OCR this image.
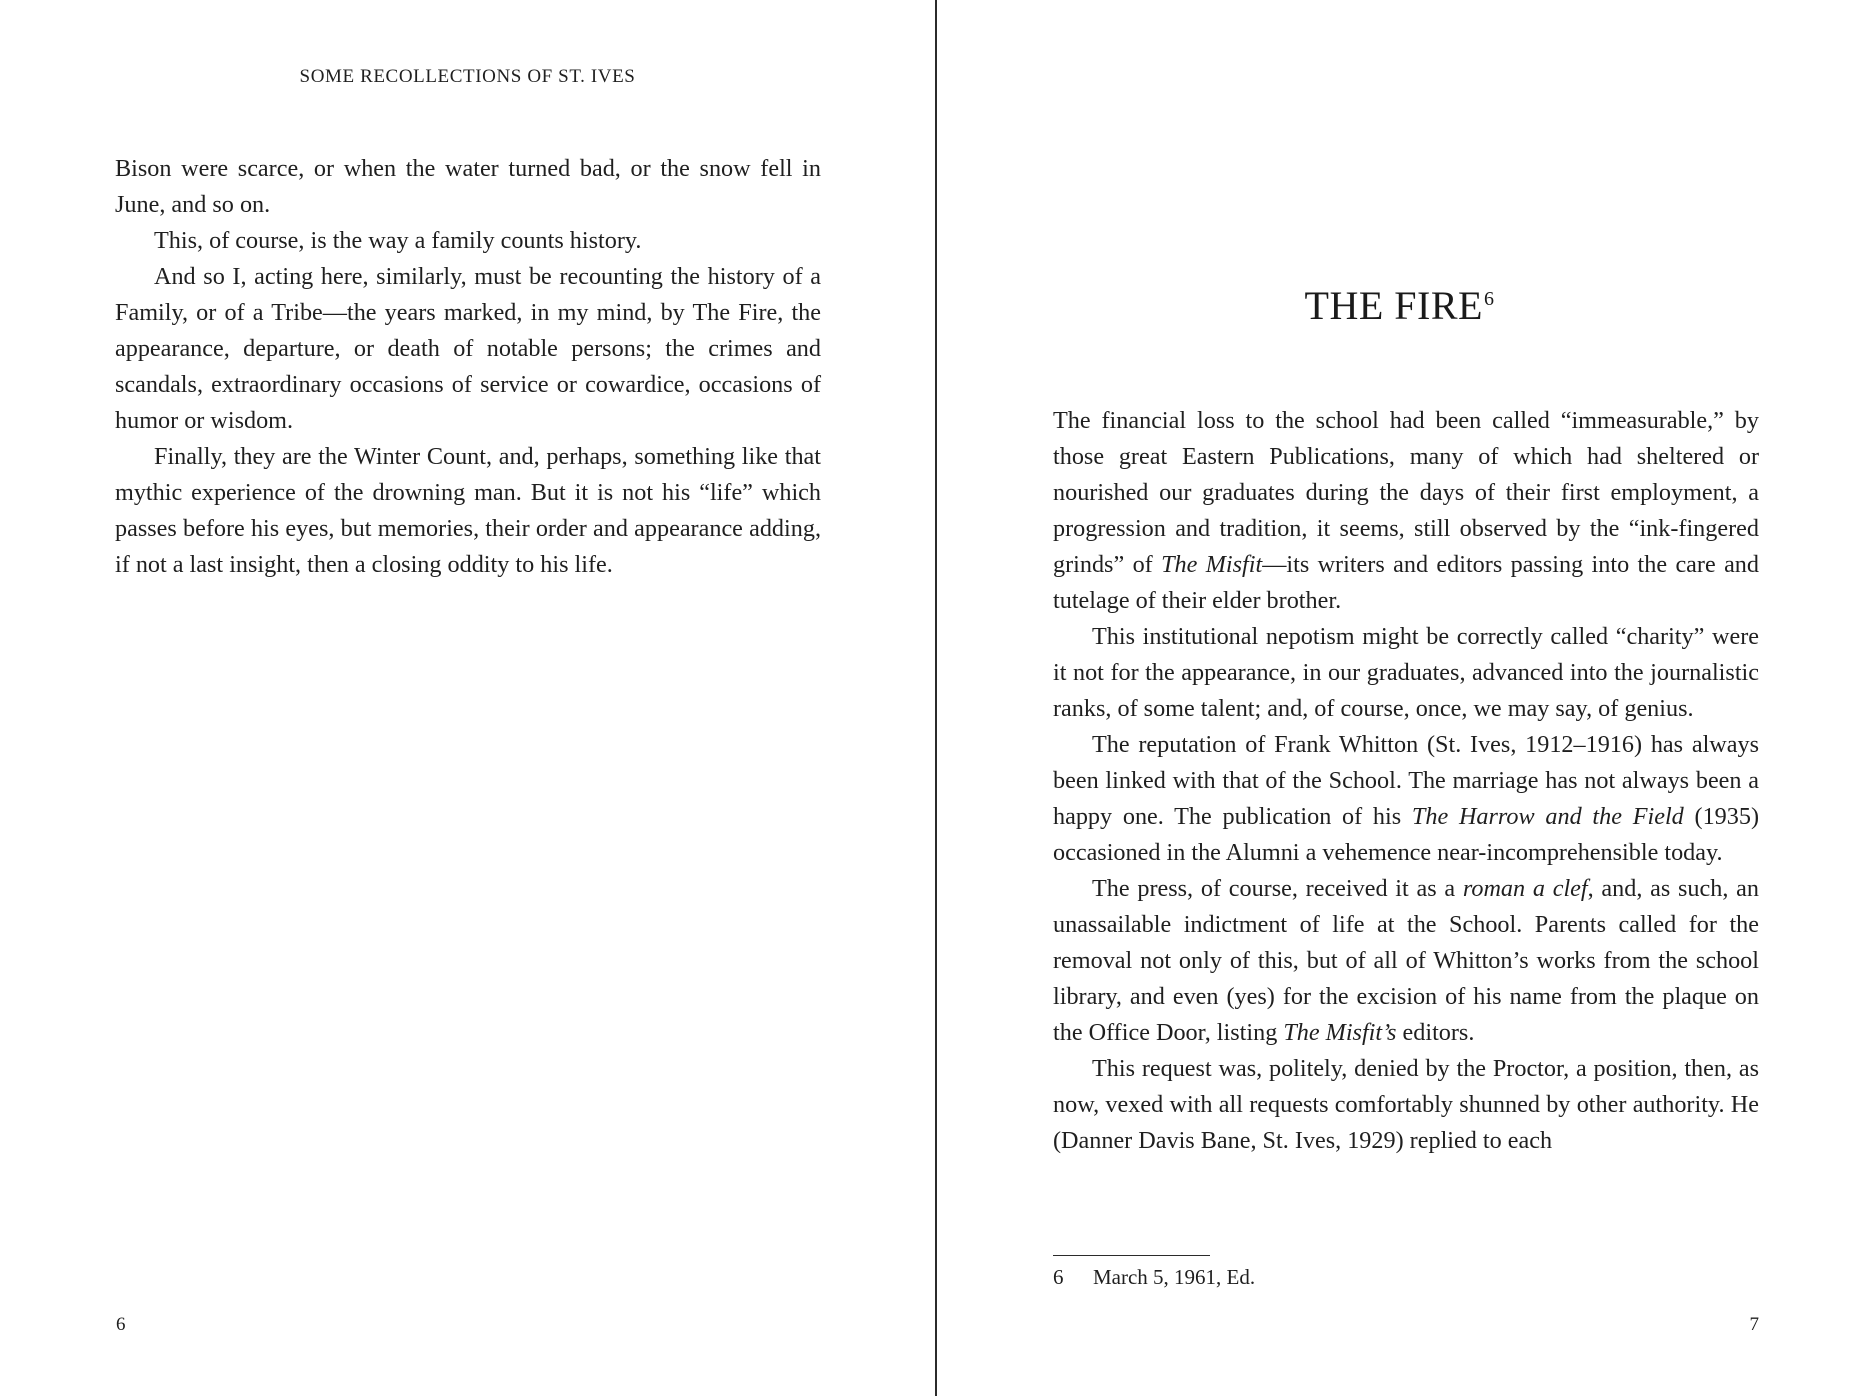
SOME RECOLLECTIONS OF ST. IVES

Bison were scarce, or when the water turned bad, or the snow fell in June, and so on.

This, of course, is the way a family counts history.

And so I, acting here, similarly, must be recounting the history of a Family, or of a Tribe—the years marked, in my mind, by The Fire, the appearance, departure, or death of notable persons; the crimes and scandals, extraordinary occasions of service or cowardice, occasions of humor or wisdom.

Finally, they are the Winter Count, and, perhaps, something like that mythic experience of the drowning man. But it is not his “life” which passes before his eyes, but memories, their order and appearance adding, if not a last insight, then a closing oddity to his life.

6
THE FIRE$^6$

The financial loss to the school had been called “immeasurable,” by those great Eastern Publications, many of which had sheltered or nourished our graduates during the days of their first employment, a progression and tradition, it seems, still observed by the “ink-fingered grinds” of The Misfit—its writers and editors passing into the care and tutelage of their elder brother.

This institutional nepotism might be correctly called “charity” were it not for the appearance, in our graduates, advanced into the journalistic ranks, of some talent; and, of course, once, we may say, of genius.

The reputation of Frank Whitton (St. Ives, 1912–1916) has always been linked with that of the School. The marriage has not always been a happy one. The publication of his The Harrow and the Field (1935) occasioned in the Alumni a vehemence near-incomprehensible today.

The press, of course, received it as a roman a clef, and, as such, an unassailable indictment of life at the School. Parents called for the removal not only of this, but of all of Whitton’s works from the school library, and even (yes) for the excision of his name from the plaque on the Office Door, listing The Misfit’s editors.

This request was, politely, denied by the Proctor, a position, then, as now, vexed with all requests comfortably shunned by other authority. He (Danner Davis Bane, St. Ives, 1929) replied to each

6 March 5, 1961, Ed.
7
